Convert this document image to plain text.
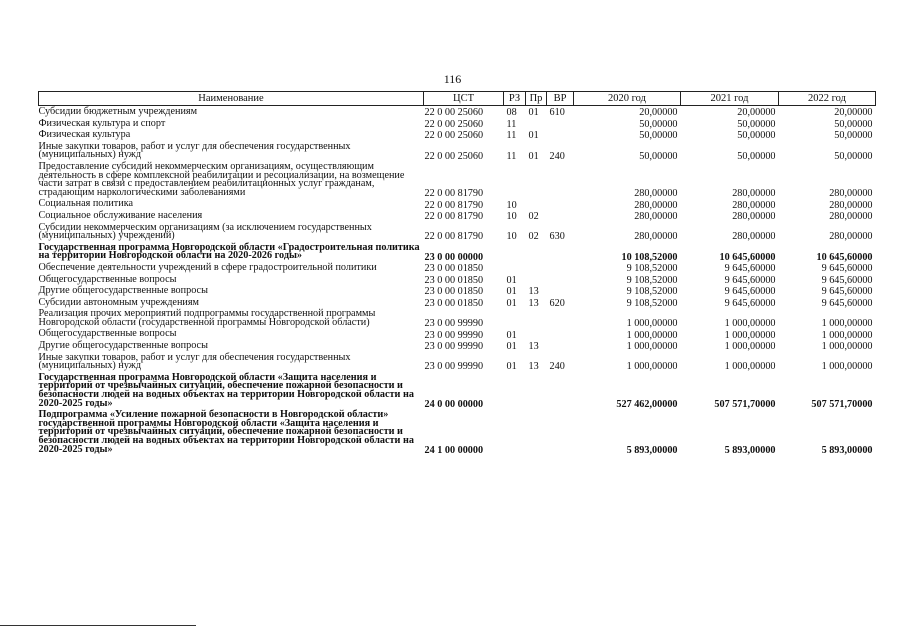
116
Наименование	ЦСТ	РЗ	Пр	ВР	2020 год	2021 год	2022 год
Субсидии бюджетным учреждениям	22 0 00 25060	08	01	610	20,00000	20,00000	20,00000
Физическая культура и спорт	22 0 00 25060	11			50,00000	50,00000	50,00000
Физическая культура	22 0 00 25060	11	01		50,00000	50,00000	50,00000
Иные закупки товаров, работ и услуг для обеспечения государственных (муниципальных) нужд	22 0 00 25060	11	01	240	50,00000	50,00000	50,00000
Предоставление субсидий некоммерческим организациям, осуществляющим деятельность в сфере комплексной реабилитации и ресоциализации, на возмещение части затрат в связи с предоставлением реабилитационных услуг гражданам, страдающим наркологическими заболеваниями	22 0 00 81790				280,00000	280,00000	280,00000
Социальная политика	22 0 00 81790	10			280,00000	280,00000	280,00000
Социальное обслуживание населения	22 0 00 81790	10	02		280,00000	280,00000	280,00000
Субсидии некоммерческим организациям (за исключением государственных (муниципальных) учреждений)	22 0 00 81790	10	02	630	280,00000	280,00000	280,00000
Государственная программа Новгородской области «Градостроительная политика на территории Новгородской области на 2020-2026 годы»	23 0 00 00000				10 108,52000	10 645,60000	10 645,60000
Обеспечение деятельности учреждений в сфере градостроительной политики	23 0 00 01850				9 108,52000	9 645,60000	9 645,60000
Общегосударственные вопросы	23 0 00 01850	01			9 108,52000	9 645,60000	9 645,60000
Другие общегосударственные вопросы	23 0 00 01850	01	13		9 108,52000	9 645,60000	9 645,60000
Субсидии автономным учреждениям	23 0 00 01850	01	13	620	9 108,52000	9 645,60000	9 645,60000
Реализация прочих мероприятий подпрограммы государственной программы Новгородской области (государственной программы Новгородской области)	23 0 00 99990				1 000,00000	1 000,00000	1 000,00000
Общегосударственные вопросы	23 0 00 99990	01			1 000,00000	1 000,00000	1 000,00000
Другие общегосударственные вопросы	23 0 00 99990	01	13		1 000,00000	1 000,00000	1 000,00000
Иные закупки товаров, работ и услуг для обеспечения государственных (муниципальных) нужд	23 0 00 99990	01	13	240	1 000,00000	1 000,00000	1 000,00000
Государственная программа Новгородской области «Защита населения и территорий от чрезвычайных ситуаций, обеспечение пожарной безопасности и безопасности людей на водных объектах на территории Новгородской области на 2020-2025 годы»	24 0 00 00000				527 462,00000	507 571,70000	507 571,70000
Подпрограмма «Усиление пожарной безопасности в Новгородской области» государственной программы Новгородской области «Защита населения и территорий от чрезвычайных ситуаций, обеспечение пожарной безопасности и безопасности людей на водных объектах на территории Новгородской области на 2020-2025 годы»	24 1 00 00000				5 893,00000	5 893,00000	5 893,00000
